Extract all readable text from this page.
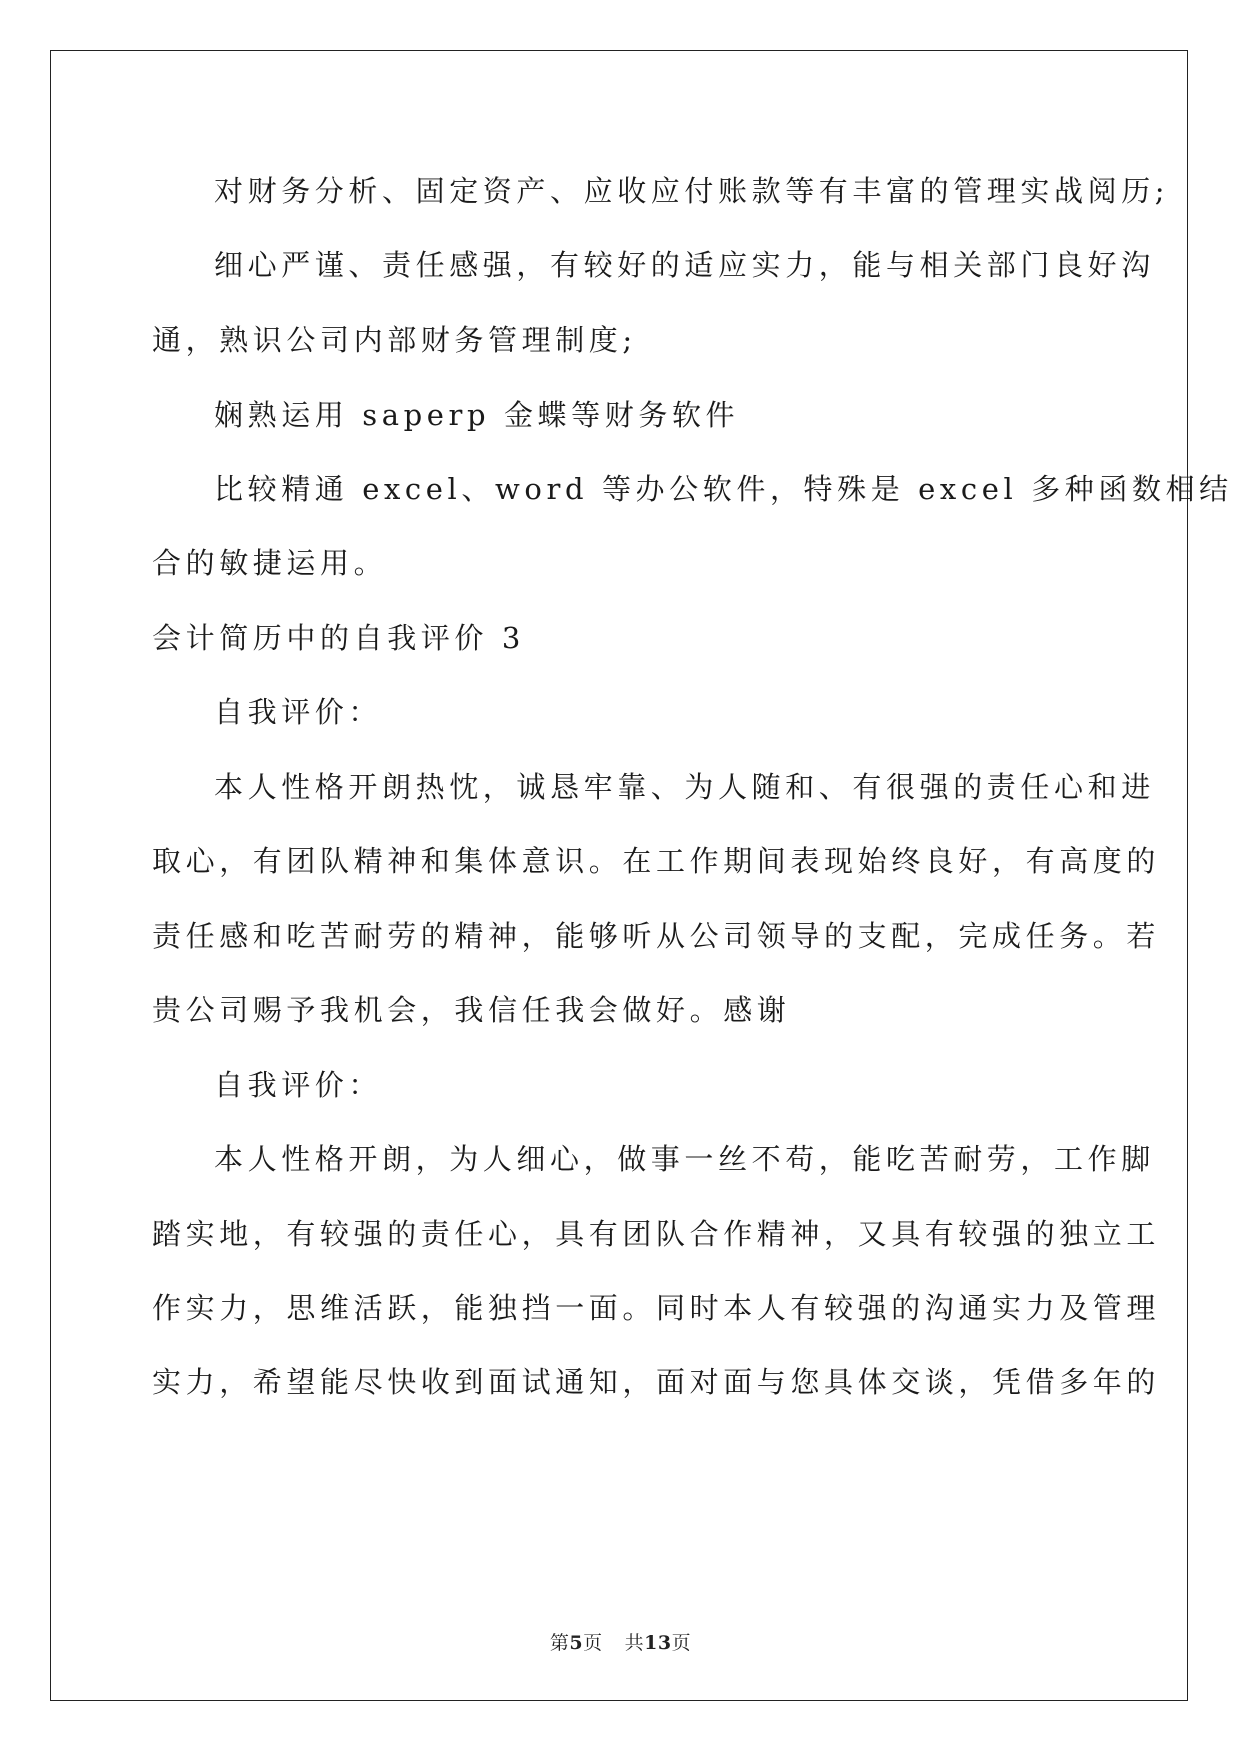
对财务分析、固定资产、应收应付账款等有丰富的管理实战阅历;
细心严谨、责任感强，有较好的适应实力，能与相关部门良好沟
通，熟识公司内部财务管理制度;
娴熟运用 saperp 金蝶等财务软件
比较精通 excel、word 等办公软件，特殊是 excel 多种函数相结
合的敏捷运用。
会计简历中的自我评价 3
自我评价：
本人性格开朗热忱，诚恳牢靠、为人随和、有很强的责任心和进
取心，有团队精神和集体意识。在工作期间表现始终良好，有高度的
责任感和吃苦耐劳的精神，能够听从公司领导的支配，完成任务。若
贵公司赐予我机会，我信任我会做好。感谢
自我评价：
本人性格开朗，为人细心，做事一丝不苟，能吃苦耐劳，工作脚
踏实地，有较强的责任心，具有团队合作精神，又具有较强的独立工
作实力，思维活跃，能独挡一面。同时本人有较强的沟通实力及管理
实力，希望能尽快收到面试通知，面对面与您具体交谈，凭借多年的
第5页 共13页
